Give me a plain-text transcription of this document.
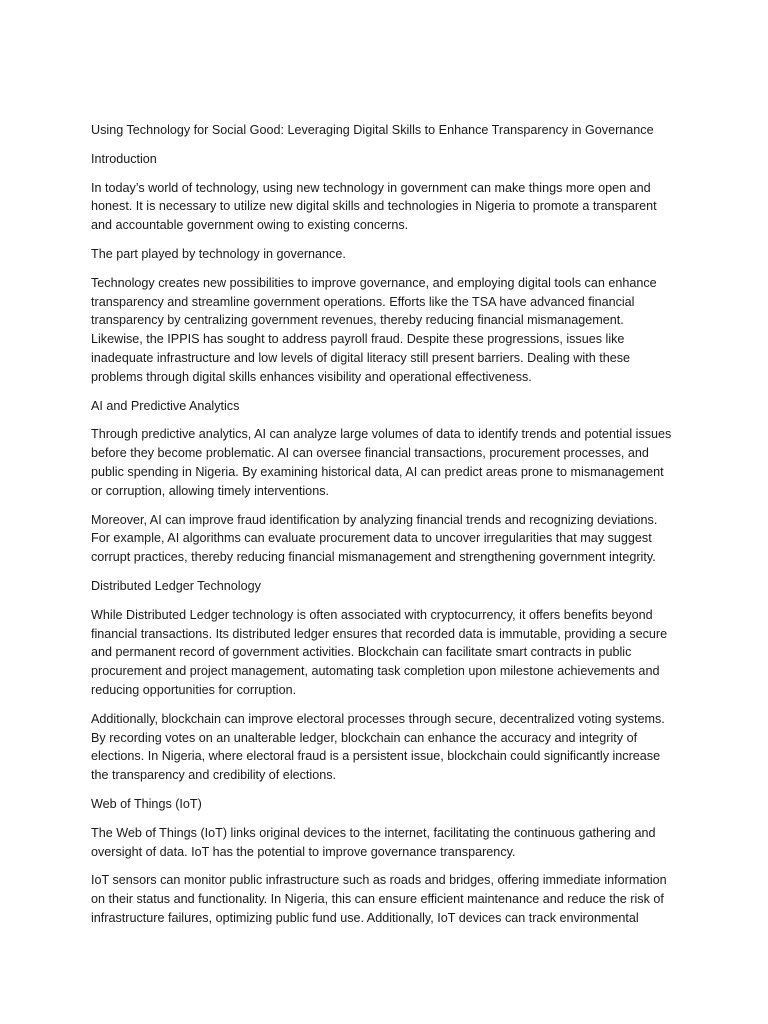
Using Technology for Social Good: Leveraging Digital Skills to Enhance Transparency in Governance

Introduction

In today’s world of technology, using new technology in government can make things more open and honest. It is necessary to utilize new digital skills and technologies in Nigeria to promote a transparent and accountable government owing to existing concerns.

The part played by technology in governance.

Technology creates new possibilities to improve governance, and employing digital tools can enhance transparency and streamline government operations. Efforts like the TSA have advanced financial transparency by centralizing government revenues, thereby reducing financial mismanagement. Likewise, the IPPIS has sought to address payroll fraud. Despite these progressions, issues like inadequate infrastructure and low levels of digital literacy still present barriers. Dealing with these problems through digital skills enhances visibility and operational effectiveness.

AI and Predictive Analytics

Through predictive analytics, AI can analyze large volumes of data to identify trends and potential issues before they become problematic. AI can oversee financial transactions, procurement processes, and public spending in Nigeria. By examining historical data, AI can predict areas prone to mismanagement or corruption, allowing timely interventions.

Moreover, AI can improve fraud identification by analyzing financial trends and recognizing deviations. For example, AI algorithms can evaluate procurement data to uncover irregularities that may suggest corrupt practices, thereby reducing financial mismanagement and strengthening government integrity.

Distributed Ledger Technology

While Distributed Ledger technology is often associated with cryptocurrency, it offers benefits beyond financial transactions. Its distributed ledger ensures that recorded data is immutable, providing a secure and permanent record of government activities. Blockchain can facilitate smart contracts in public procurement and project management, automating task completion upon milestone achievements and reducing opportunities for corruption.

Additionally, blockchain can improve electoral processes through secure, decentralized voting systems. By recording votes on an unalterable ledger, blockchain can enhance the accuracy and integrity of elections. In Nigeria, where electoral fraud is a persistent issue, blockchain could significantly increase the transparency and credibility of elections.

Web of Things (IoT)

The Web of Things (IoT) links original devices to the internet, facilitating the continuous gathering and oversight of data. IoT has the potential to improve governance transparency.

IoT sensors can monitor public infrastructure such as roads and bridges, offering immediate information on their status and functionality. In Nigeria, this can ensure efficient maintenance and reduce the risk of infrastructure failures, optimizing public fund use. Additionally, IoT devices can track environmental
